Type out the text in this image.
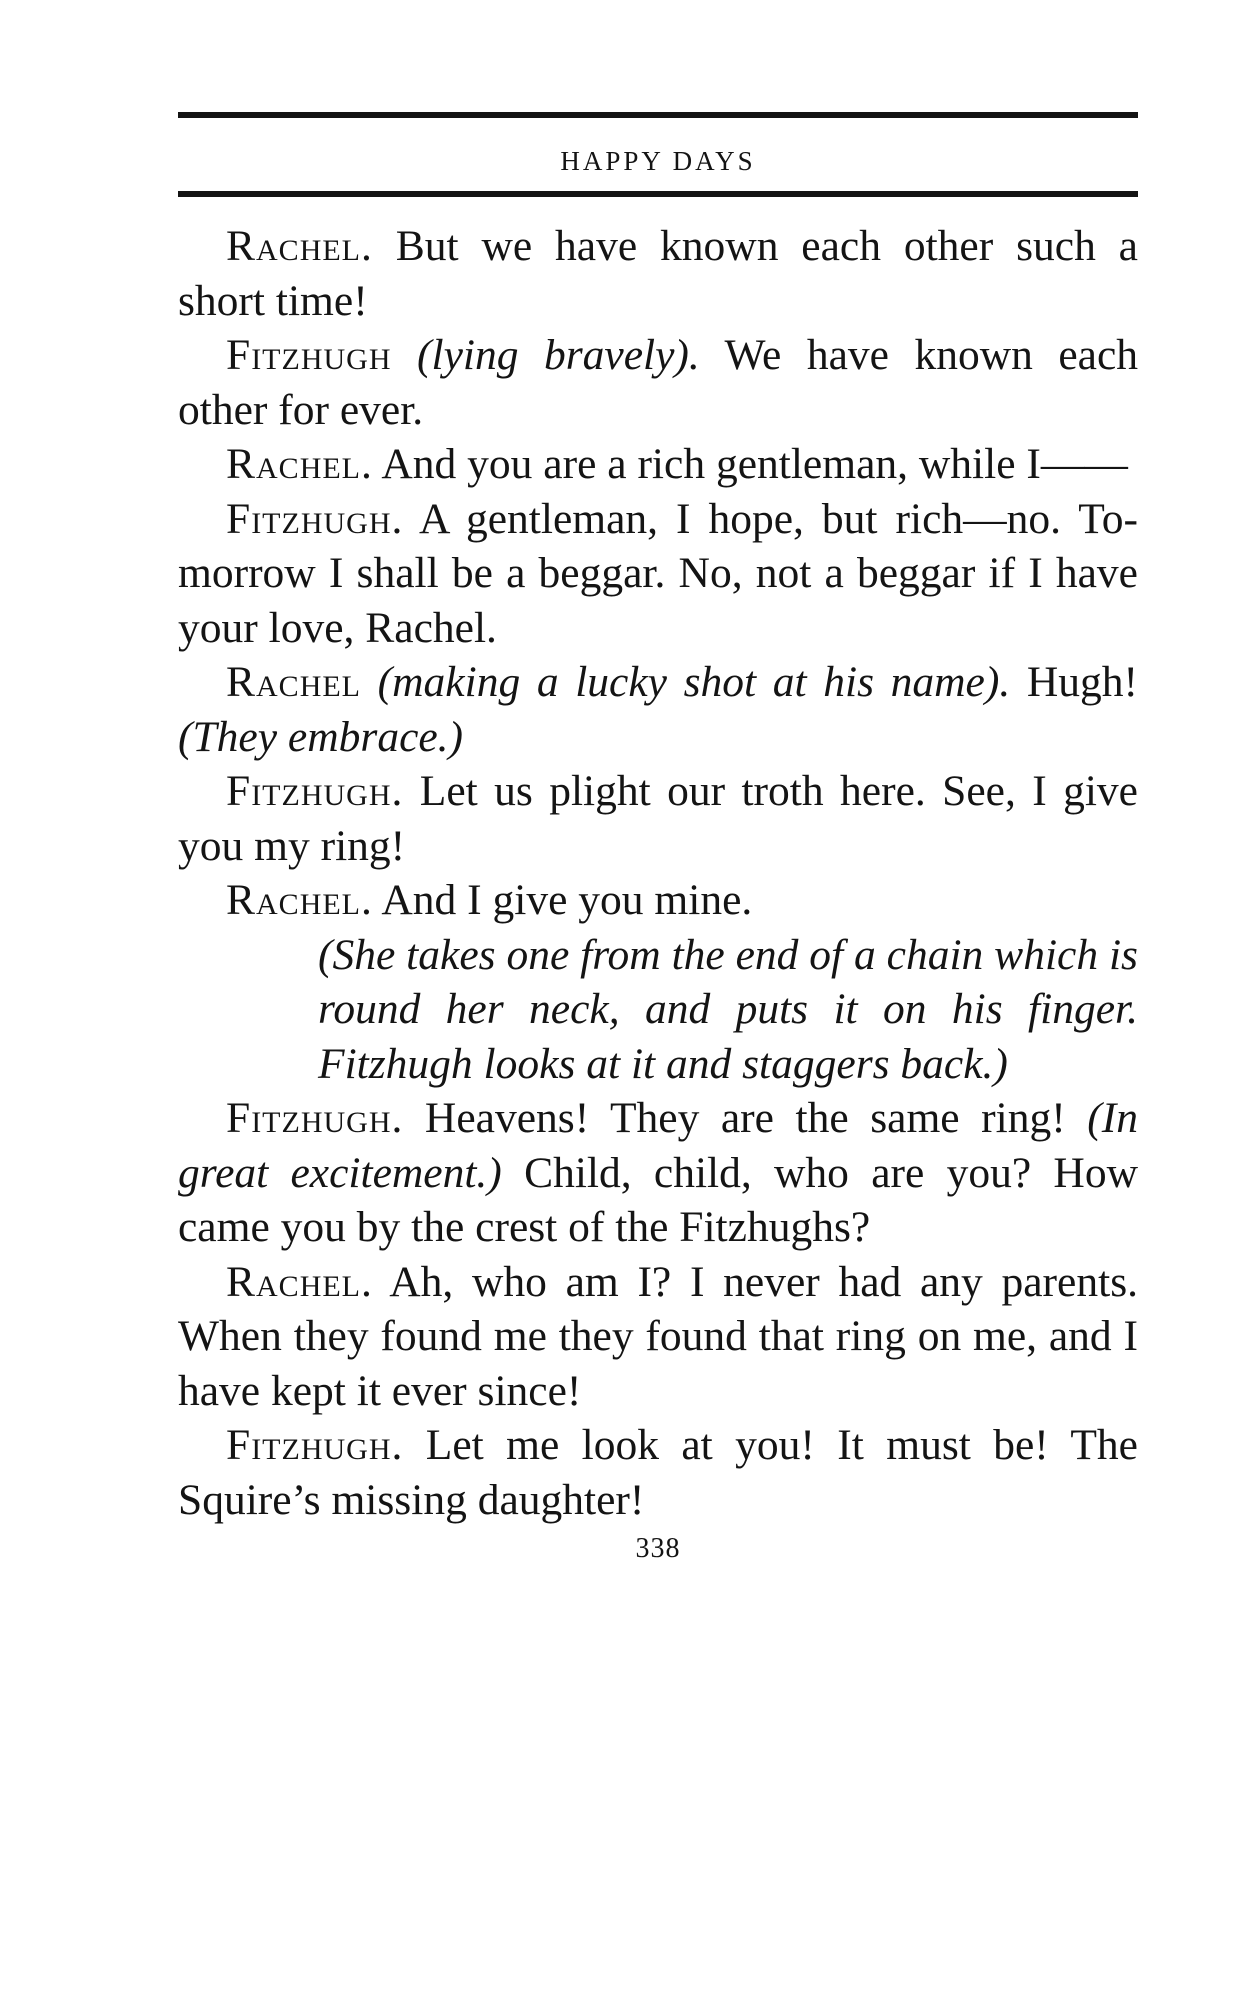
HAPPY DAYS

Rachel. But we have known each other such a short time!

Fitzhugh (lying bravely). We have known each other for ever.

Rachel. And you are a rich gentleman, while I——

Fitzhugh. A gentleman, I hope, but rich—no. To-morrow I shall be a beggar. No, not a beggar if I have your love, Rachel.

Rachel (making a lucky shot at his name). Hugh! (They embrace.)

Fitzhugh. Let us plight our troth here. See, I give you my ring!

Rachel. And I give you mine.

(She takes one from the end of a chain which is round her neck, and puts it on his finger. Fitzhugh looks at it and staggers back.)

Fitzhugh. Heavens! They are the same ring! (In great excitement.) Child, child, who are you? How came you by the crest of the Fitzhughs?

Rachel. Ah, who am I? I never had any parents. When they found me they found that ring on me, and I have kept it ever since!

Fitzhugh. Let me look at you! It must be! The Squire’s missing daughter!

338
